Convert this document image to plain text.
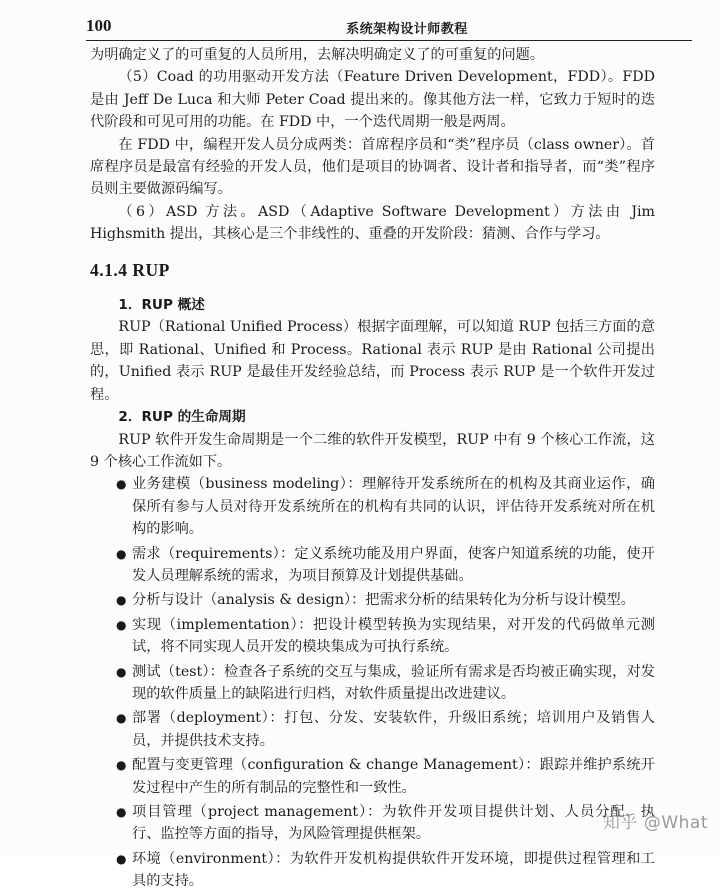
100	系统架构设计师教程

为明确定义了的可重复的人员所用，去解决明确定义了的可重复的问题。

（5）Coad 的功用驱动开发方法（Feature Driven Development，FDD）。FDD 是由 Jeff De Luca 和大师 Peter Coad 提出来的。像其他方法一样，它致力于短时的迭代阶段和可见可用的功能。在 FDD 中，一个迭代周期一般是两周。

在 FDD 中，编程开发人员分成两类：首席程序员和“类”程序员（class owner）。首席程序员是最富有经验的开发人员，他们是项目的协调者、设计者和指导者，而“类”程序员则主要做源码编写。

（6）ASD 方法。ASD（Adaptive Software Development）方法由 Jim Highsmith 提出，其核心是三个非线性的、重叠的开发阶段：猜测、合作与学习。

4.1.4 RUP

1．RUP 概述

RUP（Rational Unified Process）根据字面理解，可以知道 RUP 包括三方面的意思，即 Rational、Unified 和 Process。Rational 表示 RUP 是由 Rational 公司提出的，Unified 表示 RUP 是最佳开发经验总结，而 Process 表示 RUP 是一个软件开发过程。

2．RUP 的生命周期

RUP 软件开发生命周期是一个二维的软件开发模型，RUP 中有 9 个核心工作流，这 9 个核心工作流如下。

● 业务建模（business modeling）：理解待开发系统所在的机构及其商业运作，确保所有参与人员对待开发系统所在的机构有共同的认识，评估待开发系统对所在机构的影响。
● 需求（requirements）：定义系统功能及用户界面，使客户知道系统的功能，使开发人员理解系统的需求，为项目预算及计划提供基础。
● 分析与设计（analysis & design）：把需求分析的结果转化为分析与设计模型。
● 实现（implementation）：把设计模型转换为实现结果，对开发的代码做单元测试，将不同实现人员开发的模块集成为可执行系统。
● 测试（test）：检查各子系统的交互与集成，验证所有需求是否均被正确实现，对发现的软件质量上的缺陷进行归档，对软件质量提出改进建议。
● 部署（deployment）：打包、分发、安装软件，升级旧系统；培训用户及销售人员，并提供技术支持。
● 配置与变更管理（configuration & change Management）：跟踪并维护系统开发过程中产生的所有制品的完整性和一致性。
● 项目管理（project management）：为软件开发项目提供计划、人员分配、执行、监控等方面的指导，为风险管理提供框架。
● 环境（environment）：为软件开发机构提供软件开发环境，即提供过程管理和工具的支持。
知乎 @What
